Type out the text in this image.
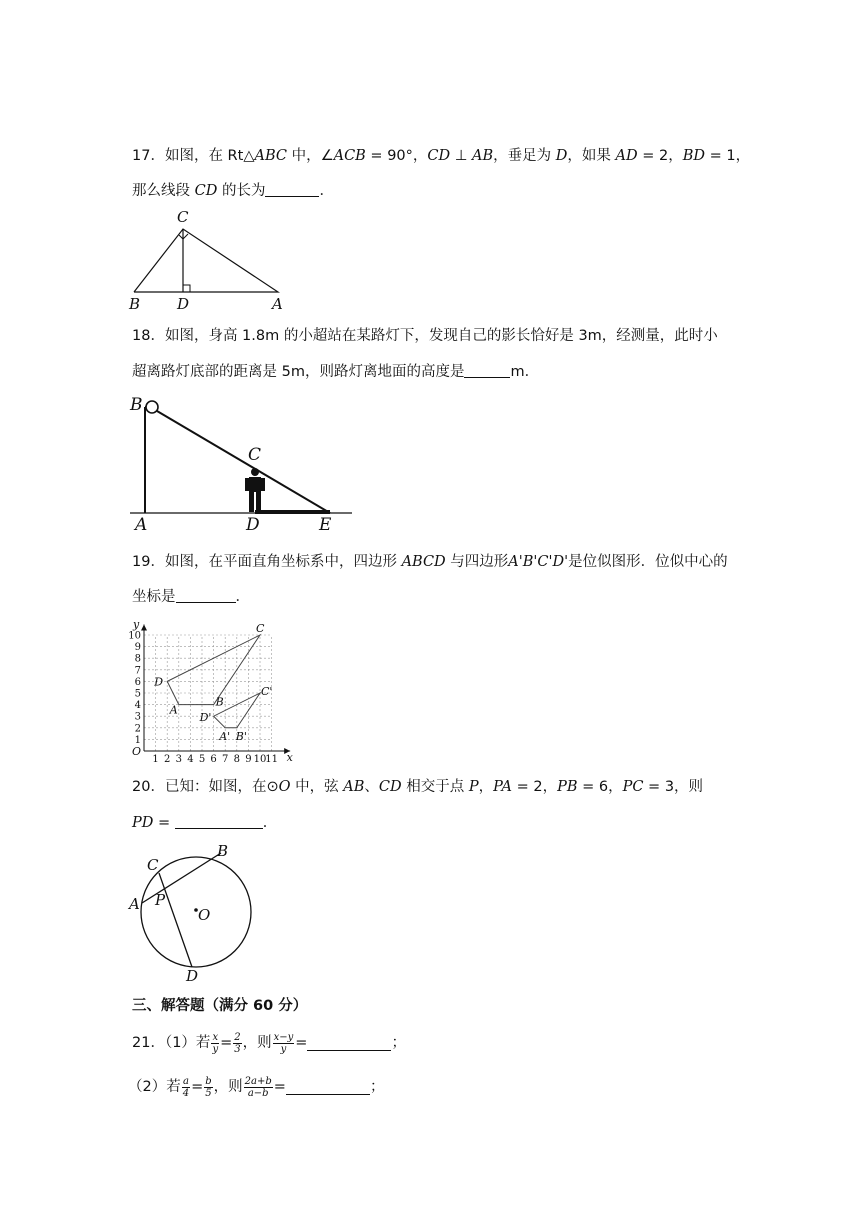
17．如图，在 Rt△ABC 中，∠ACB = 90°，CD ⊥ AB，垂足为 D，如果 AD = 2，BD = 1，
那么线段 CD 的长为	．
C
B D	A
18．如图，身高 1.8m 的小超站在某路灯下，发现自己的影长恰好是 3m，经测量，此时小
超离路灯底部的距离是 5m，则路灯离地面的高度是	m．
B
C
A	D	E
19．如图，在平面直角坐标系中，四边形 ABCD 与四边形A'B'C'D'是位似图形．位似中心的
坐标是	．
1 2 3 4 5 6 7 8 9 10
11
1
2
3
4
5
6
7
8
9
10
O	x
y
A
B
C
D
A' B'
C'
D'
20．已知：如图，在⊙O 中，弦 AB、CD 相交于点 P，PA = 2，PB = 6，PC = 3，则
PD =	．
C
B
A P
O
D
三、解答题（满分 60 分）
21．（1）若 $\frac{x}{y} = \frac{2}{3}$ ，则 $\frac{x-y}{y}$ =	；
（2）若 $\frac{a}{4} = \frac{b}{5}$ ，则 $\frac{2a+b}{a-b}$ =	；
